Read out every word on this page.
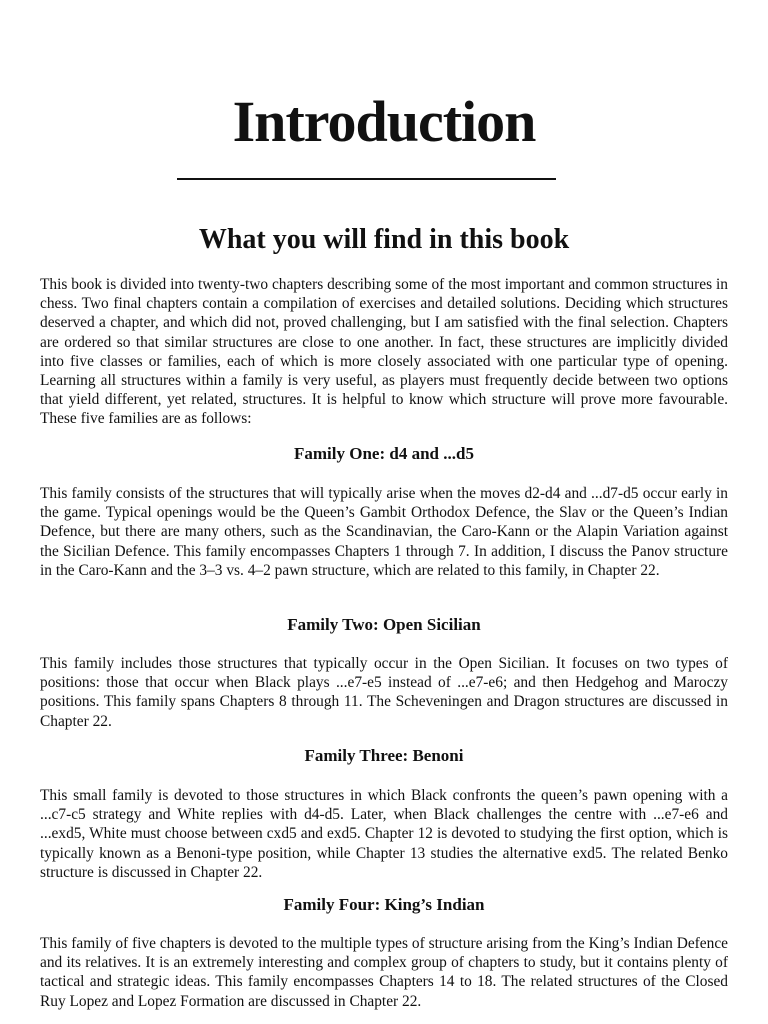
Introduction
What you will find in this book

This book is divided into twenty-two chapters describing some of the most important and common structures in chess. Two final chapters contain a compilation of exercises and detailed solutions. Deciding which structures deserved a chapter, and which did not, proved challenging, but I am satisfied with the final selection. Chapters are ordered so that similar structures are close to one another. In fact, these structures are implicitly divided into five classes or families, each of which is more closely associated with one particular type of opening. Learning all structures within a family is very useful, as players must frequently decide between two options that yield different, yet related, structures. It is helpful to know which structure will prove more favourable. These five families are as follows:

Family One: d4 and ...d5

This family consists of the structures that will typically arise when the moves d2-d4 and ...d7-d5 occur early in the game. Typical openings would be the Queen’s Gambit Orthodox Defence, the Slav or the Queen’s Indian Defence, but there are many others, such as the Scandinavian, the Caro-Kann or the Alapin Variation against the Sicilian Defence. This family encompasses Chapters 1 through 7. In addition, I discuss the Panov structure in the Caro-Kann and the 3–3 vs. 4–2 pawn structure, which are related to this family, in Chapter 22.

Family Two: Open Sicilian

This family includes those structures that typically occur in the Open Sicilian. It focuses on two types of positions: those that occur when Black plays ...e7-e5 instead of ...e7-e6; and then Hedgehog and Maroczy positions. This family spans Chapters 8 through 11. The Scheveningen and Dragon structures are discussed in Chapter 22.

Family Three: Benoni

This small family is devoted to those structures in which Black confronts the queen’s pawn opening with a ...c7-c5 strategy and White replies with d4-d5. Later, when Black challenges the centre with ...e7-e6 and ...exd5, White must choose between cxd5 and exd5. Chapter 12 is devoted to studying the first option, which is typically known as a Benoni-type position, while Chapter 13 studies the alternative exd5. The related Benko structure is discussed in Chapter 22.

Family Four: King’s Indian

This family of five chapters is devoted to the multiple types of structure arising from the King’s Indian Defence and its relatives. It is an extremely interesting and complex group of chapters to study, but it contains plenty of tactical and strategic ideas. This family encompasses Chapters 14 to 18. The related structures of the Closed Ruy Lopez and Lopez Formation are discussed in Chapter 22.
